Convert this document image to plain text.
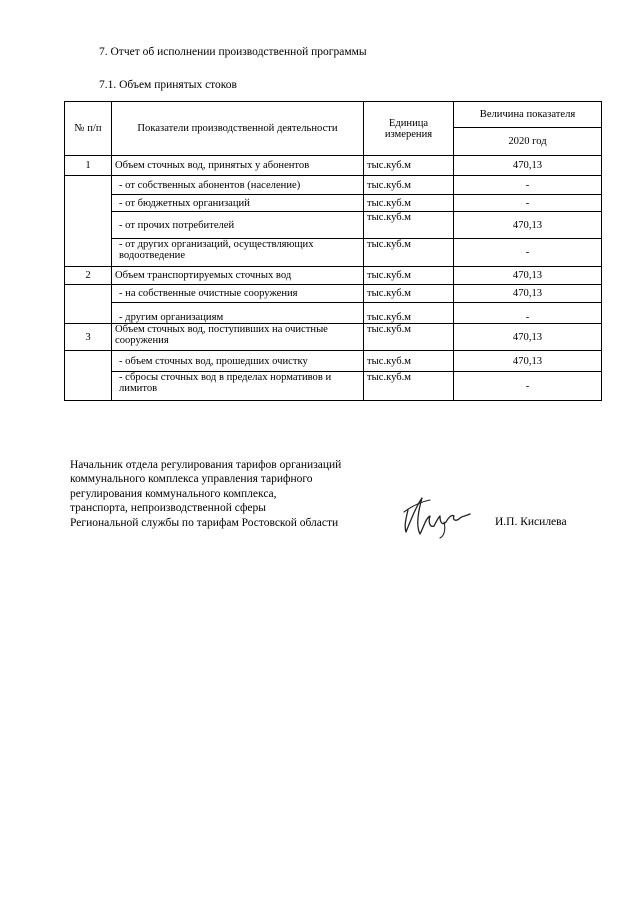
7. Отчет об исполнении производственной программы
7.1. Объем принятых стоков
№ п/п	Показатели производственной деятельности	Единица измерения	Величина показателя
			2020 год
1	Объем сточных вод, принятых у абонентов	тыс.куб.м	470,13
	- от собственных абонентов (население)	тыс.куб.м	-
	- от бюджетных организаций	тыс.куб.м	-
	- от прочих потребителей	тыс.куб.м	470,13
	- от других организаций, осуществляющих водоотведение	тыс.куб.м	-
2	Объем транспортируемых сточных вод	тыс.куб.м	470,13
	- на собственные очистные сооружения	тыс.куб.м	470,13
	- другим организациям	тыс.куб.м	-
3	Объем сточных вод, поступивших на очистные сооружения	тыс.куб.м	470,13
	- объем сточных вод, прошедших очистку	тыс.куб.м	470,13
	- сбросы сточных вод в пределах нормативов и лимитов	тыс.куб.м	-
Начальник отдела регулирования тарифов организаций
коммунального комплекса управления тарифного
регулирования коммунального комплекса,
транспорта, непроизводственной сферы
Региональной службы по тарифам Ростовской области	И.П. Кисилева
